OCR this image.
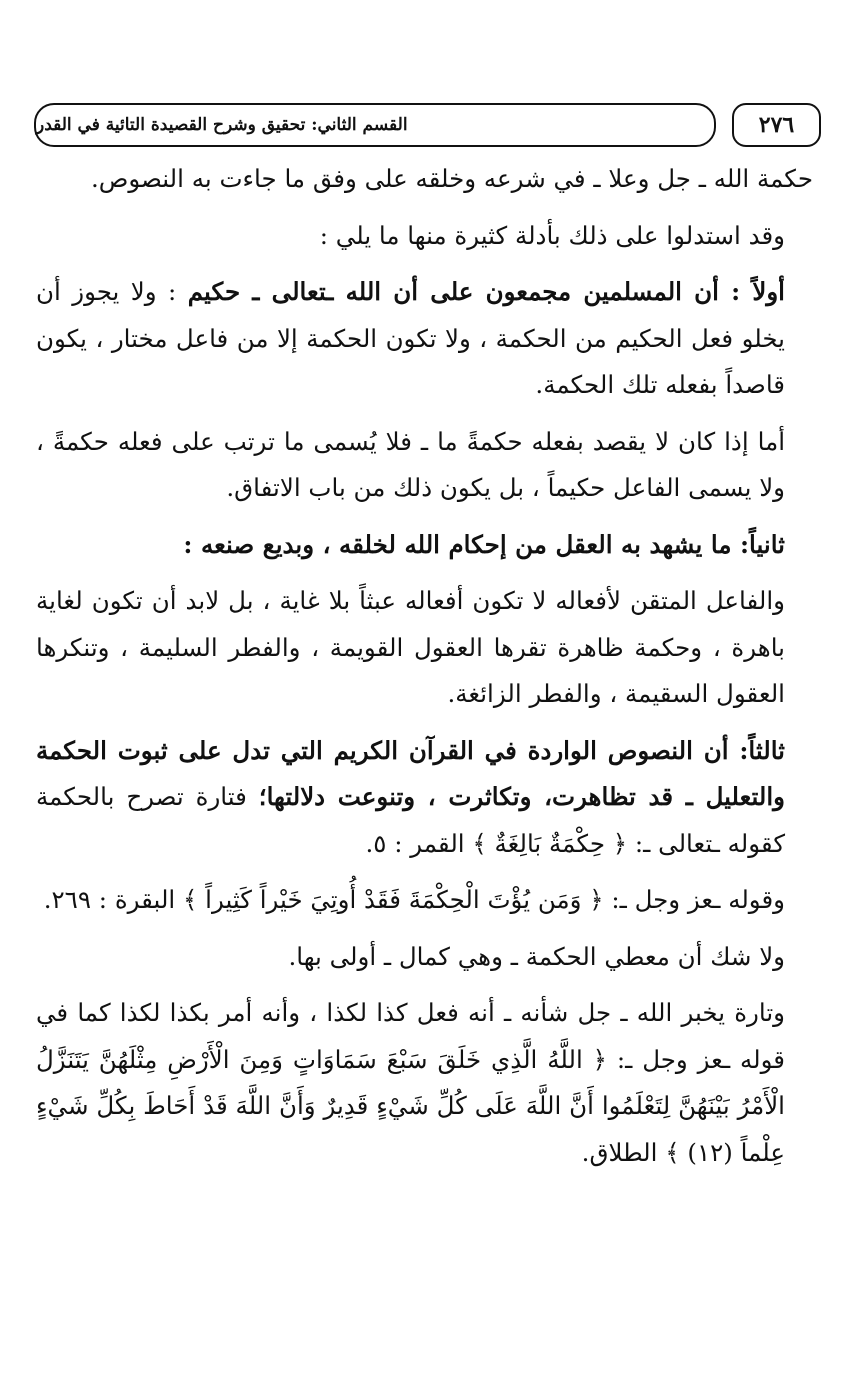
القسم الثاني: تحقيق وشرح القصيدة التائية في القدر	٢٧٦

حكمة الله ـ جل وعلا ـ في شرعه وخلقه على وفق ما جاءت به النصوص.

وقد استدلوا على ذلك بأدلة كثيرة منها ما يلي :

أولاً : أن المسلمين مجمعون على أن الله ـتعالى ـ حكيم : ولا يجوز أن يخلو فعل الحكيم من الحكمة ، ولا تكون الحكمة إلا من فاعل مختار ، يكون قاصداً بفعله تلك الحكمة.

أما إذا كان لا يقصد بفعله حكمةً ما ـ فلا يُسمى ما ترتب على فعله حكمةً ، ولا يسمى الفاعل حكيماً ، بل يكون ذلك من باب الاتفاق.

ثانياً: ما يشهد به العقل من إحكام الله لخلقه ، وبديع صنعه :

والفاعل المتقن لأفعاله لا تكون أفعاله عبثاً بلا غاية ، بل لابد أن تكون لغاية باهرة ، وحكمة ظاهرة تقرها العقول القويمة ، والفطر السليمة ، وتنكرها العقول السقيمة ، والفطر الزائغة.

ثالثاً: أن النصوص الواردة في القرآن الكريم التي تدل على ثبوت الحكمة والتعليل ـ قد تظاهرت، وتكاثرت ، وتنوعت دلالتها؛ فتارة تصرح بالحكمة كقوله ـتعالى ـ: ﴿ حِكْمَةٌ بَالِغَةٌ ﴾ القمر : ٥.

وقوله ـعز وجل ـ: ﴿ وَمَن يُؤْتَ الْحِكْمَةَ فَقَدْ أُوتِيَ خَيْراً كَثِيراً ﴾ البقرة : ٢٦٩.

ولا شك أن معطي الحكمة ـ وهي كمال ـ أولى بها.

وتارة يخبر الله ـ جل شأنه ـ أنه فعل كذا لكذا ، وأنه أمر بكذا لكذا كما في قوله ـعز وجل ـ: ﴿ اللَّهُ الَّذِي خَلَقَ سَبْعَ سَمَاوَاتٍ وَمِنَ الْأَرْضِ مِثْلَهُنَّ يَتَنَزَّلُ الْأَمْرُ بَيْنَهُنَّ لِتَعْلَمُوا أَنَّ اللَّهَ عَلَى كُلِّ شَيْءٍ قَدِيرٌ وَأَنَّ اللَّهَ قَدْ أَحَاطَ بِكُلِّ شَيْءٍ عِلْماً (١٢) ﴾ الطلاق.
